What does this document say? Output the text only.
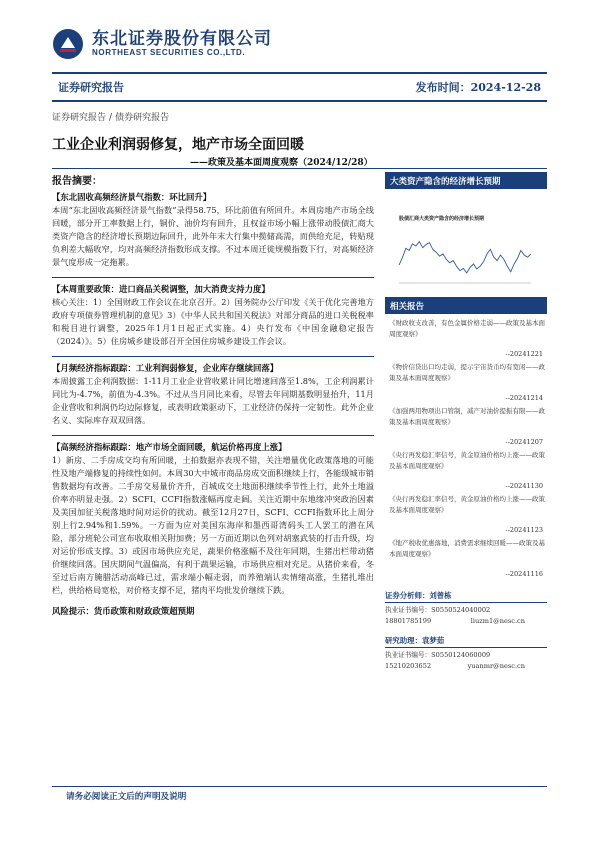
东北证券股份有限公司
NORTHEAST SECURITIES CO.,LTD.
证券研究报告	发布时间：2024-12-28
证券研究报告 / 债券研究报告
工业企业利润弱修复，地产市场全面回暖
——政策及基本面周度观察（2024/12/28）
报告摘要：
【东北固收高频经济景气指数：环比回升】
本周“东北固收高频经济景气指数”录得58.75，环比前值有所回升。本周房地产市场全线回暖，部分开工率数据上行，铜价、油价均有回升，且权益市场小幅上涨带动股债汇商大类资产隐含的经济增长预期边际回升，此外年末大行集中揽储高需，而供给充足，转贴现负利差大幅收窄，均对高频经济指数形成支撑。不过本周迁徙规模指数下行，对高频经济景气度形成一定拖累。
【本周重要政策：进口商品关税调整，加大消费支持力度】
核心关注：1）全国财政工作会议在北京召开。2）国务院办公厅印发《关于优化完善地方政府专项债券管理机制的意见》3）《中华人民共和国关税法》对部分商品的进口关税税率和税目进行调整，2025年1月1日起正式实施。4）央行发布《中国金融稳定报告（2024）》。5）住房城乡建设部召开全国住房城乡建设工作会议。
【月频经济指标跟踪：工业利润弱修复，企业库存继续回落】
本周披露工企利润数据：1-11月工业企业营收累计同比增速回落至1.8%，工企利润累计同比为-4.7%，前值为-4.3%。不过从当月同比来看，尽管去年同期基数明显抬升，11月企业营收和利润仍均边际修复，或表明政策驱动下，工业经济仍保持一定韧性。此外企业名义、实际库存双双回落。
【高频经济指标跟踪：地产市场全面回暖，航运价格再度上涨】
1）新房、二手房成交均有所回暖，土拍数据亦表现不错，关注增量优化政策落地的可能性及地产端修复的持续性如何。本周30大中城市商品房成交面积继续上行，各能级城市销售数据均有改善。二手房交易量价齐升，百城成交土地面积继续季节性上行，此外土地溢价率亦明显走强。2）SCFI、CCFI指数涨幅再度走阔。关注近期中东地缘冲突政治因素及美国加征关税落地时间对运价的扰动。截至12月27日，SCFI、CCFI指数环比上周分别上行2.94%和1.59%。一方面为应对美国东海岸和墨西哥湾码头工人罢工的潜在风险，部分班轮公司宣布收取相关附加费；另一方面近期以色列对胡塞武装的打击升级，均对运价形成支撑。3）或因市场供应充足，蔬果价格涨幅不及往年同期，生猪出栏带动猪价继续回落。国庆期间气温偏高，有利于蔬果运输，市场供应相对充足。从猪价来看，冬至过后南方腌腊活动高峰已过，需求端小幅走弱，而养殖端认卖情绪高涨，生猪扎堆出栏，供给格局宽松，对价格支撑不足，猪肉平均批发价继续下跌。
风险提示：货币政策和财政政策超预期
大类资产隐含的经济增长预期
股债汇商大类资产隐含的经济增长预期
相关报告
《财政收支改善，有色金属价格走弱——政策及基本面周度观察》
--20241221
《物价信贷出口均走弱，提示宇宙货币均有宽闲——政策及基本面周度观察》
--20241214
《加强两用物项出口管制，减产对油价提振有限——政策及基本面周度观察》
--20241207
《央行再发稳汇率信号，黄金原油价格均上涨——政策及基本面周度观察》
--20241130
《央行再发稳汇率信号，黄金原油价格均上涨——政策及基本面周度观察》
--20241123
《地产税收优惠落地，消费需求继续回暖——政策及基本面周度观察》
--20241116
证券分析师：刘曾栋
执业证书编号：S0550524040002
18801785199	liuzm1@nesc.cn
研究助理：袁梦茹
执业证书编号：S0550124060009
15210203652	yuanmr@nesc.cn
请务必阅读正文后的声明及说明
